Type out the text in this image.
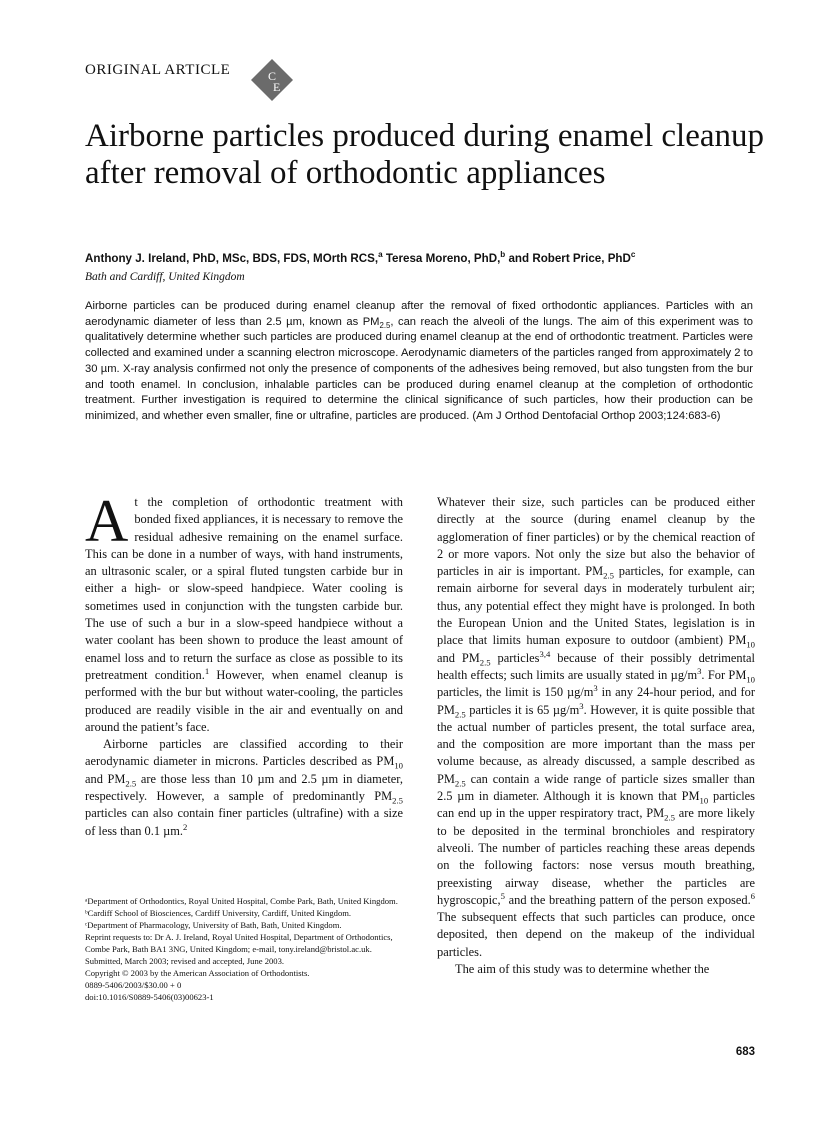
ORIGINAL ARTICLE	C
E
Airborne particles produced during enamel cleanup after removal of orthodontic appliances
Anthony J. Ireland, PhD, MSc, BDS, FDS, MOrth RCS,$^a$ Teresa Moreno, PhD,$^b$ and Robert Price, PhD$^c$
Bath and Cardiff, United Kingdom

Airborne particles can be produced during enamel cleanup after the removal of fixed orthodontic appliances. Particles with an aerodynamic diameter of less than 2.5 µm, known as $PM_{2.5}$, can reach the alveoli of the lungs. The aim of this experiment was to qualitatively determine whether such particles are produced during enamel cleanup at the end of orthodontic treatment. Particles were collected and examined under a scanning electron microscope. Aerodynamic diameters of the particles ranged from approximately 2 to 30 µm. X-ray analysis confirmed not only the presence of components of the adhesives being removed, but also tungsten from the bur and tooth enamel. In conclusion, inhalable particles can be produced during enamel cleanup at the completion of orthodontic treatment. Further investigation is required to determine the clinical significance of such particles, how their production can be minimized, and whether even smaller, fine or ultrafine, particles are produced. (Am J Orthod Dentofacial Orthop 2003;124:683-6)

At the completion of orthodontic treatment with bonded fixed appliances, it is necessary to remove the residual adhesive remaining on the enamel surface. This can be done in a number of ways, with hand instruments, an ultrasonic scaler, or a spiral fluted tungsten carbide bur in either a high- or slow-speed handpiece. Water cooling is sometimes used in conjunction with the tungsten carbide bur. The use of such a bur in a slow-speed handpiece without a water coolant has been shown to produce the least amount of enamel loss and to return the surface as close as possible to its pretreatment condition.$^1$ However, when enamel cleanup is performed with the bur but without water-cooling, the particles produced are readily visible in the air and eventually on and around the patient’s face.

Airborne particles are classified according to their aerodynamic diameter in microns. Particles described as $PM_{10}$ and $PM_{2.5}$ are those less than 10 µm and 2.5 µm in diameter, respectively. However, a sample of predominantly $PM_{2.5}$ particles can also contain finer particles (ultrafine) with a size of less than 0.1 µm.$^2$

ᵃDepartment of Orthodontics, Royal United Hospital, Combe Park, Bath, United Kingdom.
ᵇCardiff School of Biosciences, Cardiff University, Cardiff, United Kingdom.
ᶜDepartment of Pharmacology, University of Bath, Bath, United Kingdom.
Reprint requests to: Dr A. J. Ireland, Royal United Hospital, Department of Orthodontics, Combe Park, Bath BA1 3NG, United Kingdom; e-mail, tony.ireland@bristol.ac.uk.
Submitted, March 2003; revised and accepted, June 2003.
Copyright © 2003 by the American Association of Orthodontists.
0889-5406/2003/$30.00 + 0
doi:10.1016/S0889-5406(03)00623-1

Whatever their size, such particles can be produced either directly at the source (during enamel cleanup by the agglomeration of finer particles) or by the chemical reaction of 2 or more vapors. Not only the size but also the behavior of particles in air is important. $PM_{2.5}$ particles, for example, can remain airborne for several days in moderately turbulent air; thus, any potential effect they might have is prolonged. In both the European Union and the United States, legislation is in place that limits human exposure to outdoor (ambient) $PM_{10}$ and $PM_{2.5}$ particles$^{3,4}$ because of their possibly detrimental health effects; such limits are usually stated in $\mu g/m^3$. For $PM_{10}$ particles, the limit is 150 $\mu g/m^3$ in any 24-hour period, and for $PM_{2.5}$ particles it is 65 $\mu g/m^3$. However, it is quite possible that the actual number of particles present, the total surface area, and the composition are more important than the mass per volume because, as already discussed, a sample described as $PM_{2.5}$ can contain a wide range of particle sizes smaller than 2.5 µm in diameter. Although it is known that $PM_{10}$ particles can end up in the upper respiratory tract, $PM_{2.5}$ are more likely to be deposited in the terminal bronchioles and respiratory alveoli. The number of particles reaching these areas depends on the following factors: nose versus mouth breathing, preexisting airway disease, whether the particles are hygroscopic,$^5$ and the breathing pattern of the person exposed.$^6$ The subsequent effects that such particles can produce, once deposited, then depend on the makeup of the individual particles.

The aim of this study was to determine whether the

683
